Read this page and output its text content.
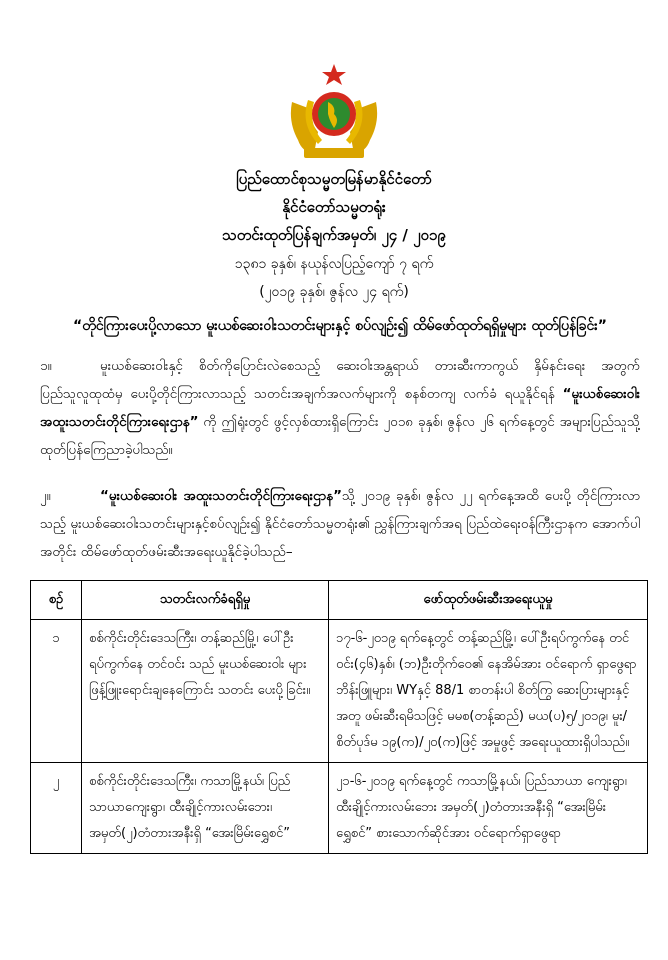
ပြည်ထောင်စုသမ္မတမြန်မာနိုင်ငံတော်
နိုင်ငံတော်သမ္မတရုံး
သတင်းထုတ်ပြန်ချက်အမှတ်၊ ၂၄ / ၂၀၁၉
၁၃၈၁ ခုနှစ်၊ နယုန်လပြည့်ကျော် ၇ ရက်
(၂၀၁၉ ခုနှစ်၊ ဇွန်လ ၂၄ ရက်)
“တိုင်ကြားပေးပို့လာသော မူးယစ်ဆေးဝါးသတင်းများနှင့် စပ်လျဉ်း၍ ထိမ်ဖော်ထုတ်ရရှိမှုများ ထုတ်ပြန်ခြင်း”
၁။	မူးယစ်ဆေးဝါးနှင့် စိတ်ကိုပြောင်းလဲစေသည့် ဆေးဝါးအန္တရာယ် တားဆီးကာကွယ် နှိမ်နင်းရေး အတွက် ပြည်သူလူထုထံမှ ပေးပို့တိုင်ကြားလာသည့် သတင်းအချက်အလက်များကို စနစ်တကျ လက်ခံ ရယူနိုင်ရန် “မူးယစ်ဆေးဝါး အထူးသတင်းတိုင်ကြားရေးဌာန” ကို ဤရုံးတွင် ဖွင့်လှစ်ထားရှိကြောင်း ၂၀၁၈ ခုနှစ်၊ ဇွန်လ ၂၆ ရက်နေ့တွင် အများပြည်သူသို့ ထုတ်ပြန်ကြေညာခဲ့ပါသည်။
၂။	“မူးယစ်ဆေးဝါး အထူးသတင်းတိုင်ကြားရေးဌာန”သို့ ၂၀၁၉ ခုနှစ်၊ ဇွန်လ ၂၂ ရက်နေ့အထိ ပေးပို့ တိုင်ကြားလာသည့် မူးယစ်ဆေးဝါးသတင်းများနှင့်စပ်လျဉ်း၍ နိုင်ငံတော်သမ္မတရုံး၏ ညွှန်ကြားချက်အရ ပြည်ထဲရေးဝန်ကြီးဌာနက အောက်ပါအတိုင်း ထိမ်ဖော်ထုတ်ဖမ်းဆီးအရေးယူနိုင်ခဲ့ပါသည်–
စဉ်	သတင်းလက်ခံရရှိမှု	ဖော်ထုတ်ဖမ်းဆီးအရေးယူမှု
၁	စစ်ကိုင်းတိုင်းဒေသကြီး၊ တန့်ဆည်မြို့၊ ပေါ်ဦး ရပ်ကွက်နေ တင်ဝင်း သည် မူးယစ်ဆေးဝါး များ ဖြန့်ဖြူးရောင်းချနေကြောင်း သတင်း ပေးပို့ခြင်း။	၁၇-၆-၂၀၁၉ ရက်နေ့တွင် တန့်ဆည်မြို့၊ ပေါ်ဦးရပ်ကွက်နေ တင်ဝင်း(၄၆)နှစ်၊ (ဘ)ဦးတိုက်ဝေ၏ နေအိမ်အား ဝင်ရောက် ရှာဖွေရာ ဘိန်းဖြူများ၊ WYနှင့် 88/1 စာတန်းပါ စိတ်ကြွ ဆေးပြားများနှင့်အတူ ဖမ်းဆီးရမိသဖြင့် မမစ(တန့်ဆည်) မယ(ပ)၅/၂၀၁၉၊ မူး/စိတ်ပုဒ်မ ၁၉(က)/၂၀(က)ဖြင့် အမှုဖွင့် အရေးယူထားရှိပါသည်။
၂	စစ်ကိုင်းတိုင်းဒေသကြီး၊ ကသာမြို့နယ်၊ ပြည်သာယာကျေးရွာ၊ ထီးချိုင့်ကားလမ်းဘေး၊ အမှတ်(၂)တံတားအနီးရှိ “အေးမြိမ်းရွှေစင်”	၂၁-၆-၂၀၁၉ ရက်နေ့တွင် ကသာမြို့နယ်၊ ပြည်သာယာ ကျေးရွာ၊ ထီးချိုင့်ကားလမ်းဘေး အမှတ်(၂)တံတားအနီးရှိ “အေးမြိမ်းရွှေစင်” စားသောက်ဆိုင်အား ဝင်ရောက်ရှာဖွေရာ
